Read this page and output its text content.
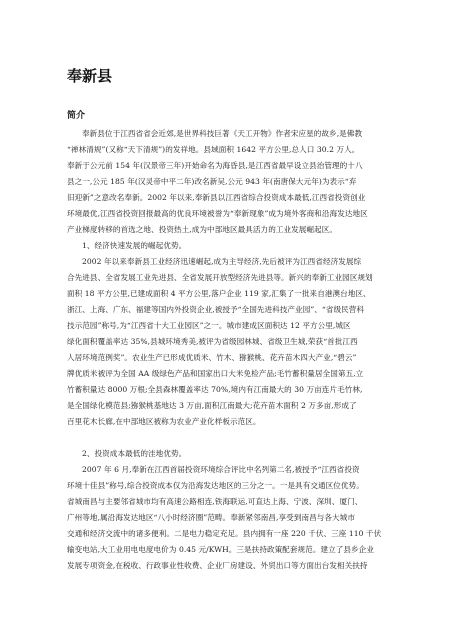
奉新县
简介
奉新县位于江西省省会近郊,是世界科技巨著《天工开物》作者宋应星的故乡,是佛教
“禅林清规”(又称“天下清规”)的发祥地。县域面积 1642 平方公里,总人口 30.2 万人。
奉新于公元前 154 年(汉景帝三年)开始命名为海昏县,是江西省最早设立县治管理的十八
县之一,公元 185 年(汉灵帝中平二年)改名新吴,公元 943 年(南唐保大元年)为表示“弃
旧迎新”之意改名奉新。2002 年以来,奉新县以江西省综合投资成本最低,江西省投资创业
环境最优,江西省投资回报最高的优良环境被誉为“奉新现象”成为境外客商和沿海发达地区
产业梯度转移的首选之地、投资热土,成为中部地区最具活力的工业发展崛起区。
1、经济快速发展的崛起优势。
2002 年以来奉新县工业经济迅速崛起,成为主导经济,先后被评为江西省经济发展综
合先进县、全省发展工业先进县、全省发展开放型经济先进县等。新兴的奉新工业园区规划
面积 18 平方公里,已建成面积 4 平方公里,落户企业 119 家,汇集了一批来自港澳台地区、
浙江、上海、广东、福建等国内外投资企业,被授予“全国先进科技产业园”、“省级民营科
技示范园”称号,为“江西省十大工业园区”之一。城市建成区面积达 12 平方公里,城区
绿化面积覆盖率达 35%,县城环境秀美,被评为省级园林城、省级卫生城,荣获“首批江西
人居环境范例奖”。农业生产已形成优质米、竹木、猕猴桃、花卉苗木四大产业,“碧云”
牌优质米被评为全国 AA 级绿色产品和国家出口大米免检产品;毛竹蓄积量居全国第五,立
竹蓄积量达 8000 万根;全县森林覆盖率达 70%,境内有江南最大的 30 万亩连片毛竹林,
是全国绿化模范县;猕猴桃基地达 3 万亩,面积江南最大;花卉苗木面积 2 万多亩,形成了
百里花木长廊,在中部地区被称为农业产业化样板示范区。
2、投资成本最低的洼地优势。
2007 年 6 月,奉新在江西首届投资环境综合评比中名列第二名,被授予“江西省投资
环境十佳县”称号,综合投资成本仅为沿海发达地区的三分之一。一是具有交通区位优势。
省城南昌与主要邻省城市均有高速公路相连,铁海联运,可直达上海、宁波、深圳、厦门、
广州等地,属沿海发达地区“八小时经济圈”范畴。奉新紧邻南昌,享受到南昌与各大城市
交通和经济交流中的诸多便利。二是电力稳定充足。县内拥有一座 220 千伏、三座 110 千伏
输变电站,大工业用电电度电价为 0.45 元/KWH。三是扶持政策配套规范。建立了县乡企业
发展专项资金,在税收、行政事业性收费、企业厂房建设、外贸出口等方面出台发相关扶持
